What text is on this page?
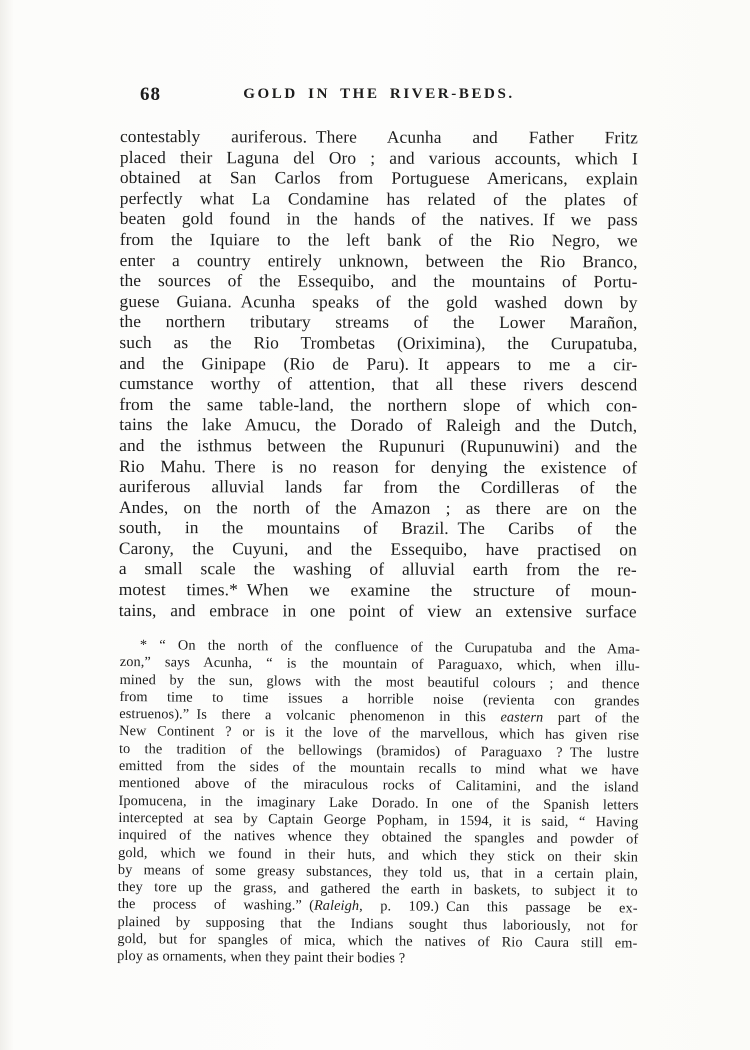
68	GOLD IN THE RIVER-BEDS.
contestably auriferous. There Acunha and Father Fritz
placed their Laguna del Oro ; and various accounts, which I
obtained at San Carlos from Portuguese Americans, explain
perfectly what La Condamine has related of the plates of
beaten gold found in the hands of the natives. If we pass
from the Iquiare to the left bank of the Rio Negro, we
enter a country entirely unknown, between the Rio Branco,
the sources of the Essequibo, and the mountains of Portu-
guese Guiana. Acunha speaks of the gold washed down by
the northern tributary streams of the Lower Marañon,
such as the Rio Trombetas (Oriximina), the Curupatuba,
and the Ginipape (Rio de Paru). It appears to me a cir-
cumstance worthy of attention, that all these rivers descend
from the same table-land, the northern slope of which con-
tains the lake Amucu, the Dorado of Raleigh and the Dutch,
and the isthmus between the Rupunuri (Rupunuwini) and the
Rio Mahu. There is no reason for denying the existence of
auriferous alluvial lands far from the Cordilleras of the
Andes, on the north of the Amazon ; as there are on the
south, in the mountains of Brazil. The Caribs of the
Carony, the Cuyuni, and the Essequibo, have practised on
a small scale the washing of alluvial earth from the re-
motest times.* When we examine the structure of moun-
tains, and embrace in one point of view an extensive surface
* “ On the north of the confluence of the Curupatuba and the Ama-
zon,” says Acunha, “ is the mountain of Paraguaxo, which, when illu-
mined by the sun, glows with the most beautiful colours ; and thence
from time to time issues a horrible noise (revienta con grandes
estruenos).” Is there a volcanic phenomenon in this eastern part of the
New Continent ? or is it the love of the marvellous, which has given rise
to the tradition of the bellowings (bramidos) of Paraguaxo ? The lustre
emitted from the sides of the mountain recalls to mind what we have
mentioned above of the miraculous rocks of Calitamini, and the island
Ipomucena, in the imaginary Lake Dorado. In one of the Spanish letters
intercepted at sea by Captain George Popham, in 1594, it is said, “ Having
inquired of the natives whence they obtained the spangles and powder of
gold, which we found in their huts, and which they stick on their skin
by means of some greasy substances, they told us, that in a certain plain,
they tore up the grass, and gathered the earth in baskets, to subject it to
the process of washing.” (Raleigh, p. 109.) Can this passage be ex-
plained by supposing that the Indians sought thus laboriously, not for
gold, but for spangles of mica, which the natives of Rio Caura still em-
ploy as ornaments, when they paint their bodies ?
